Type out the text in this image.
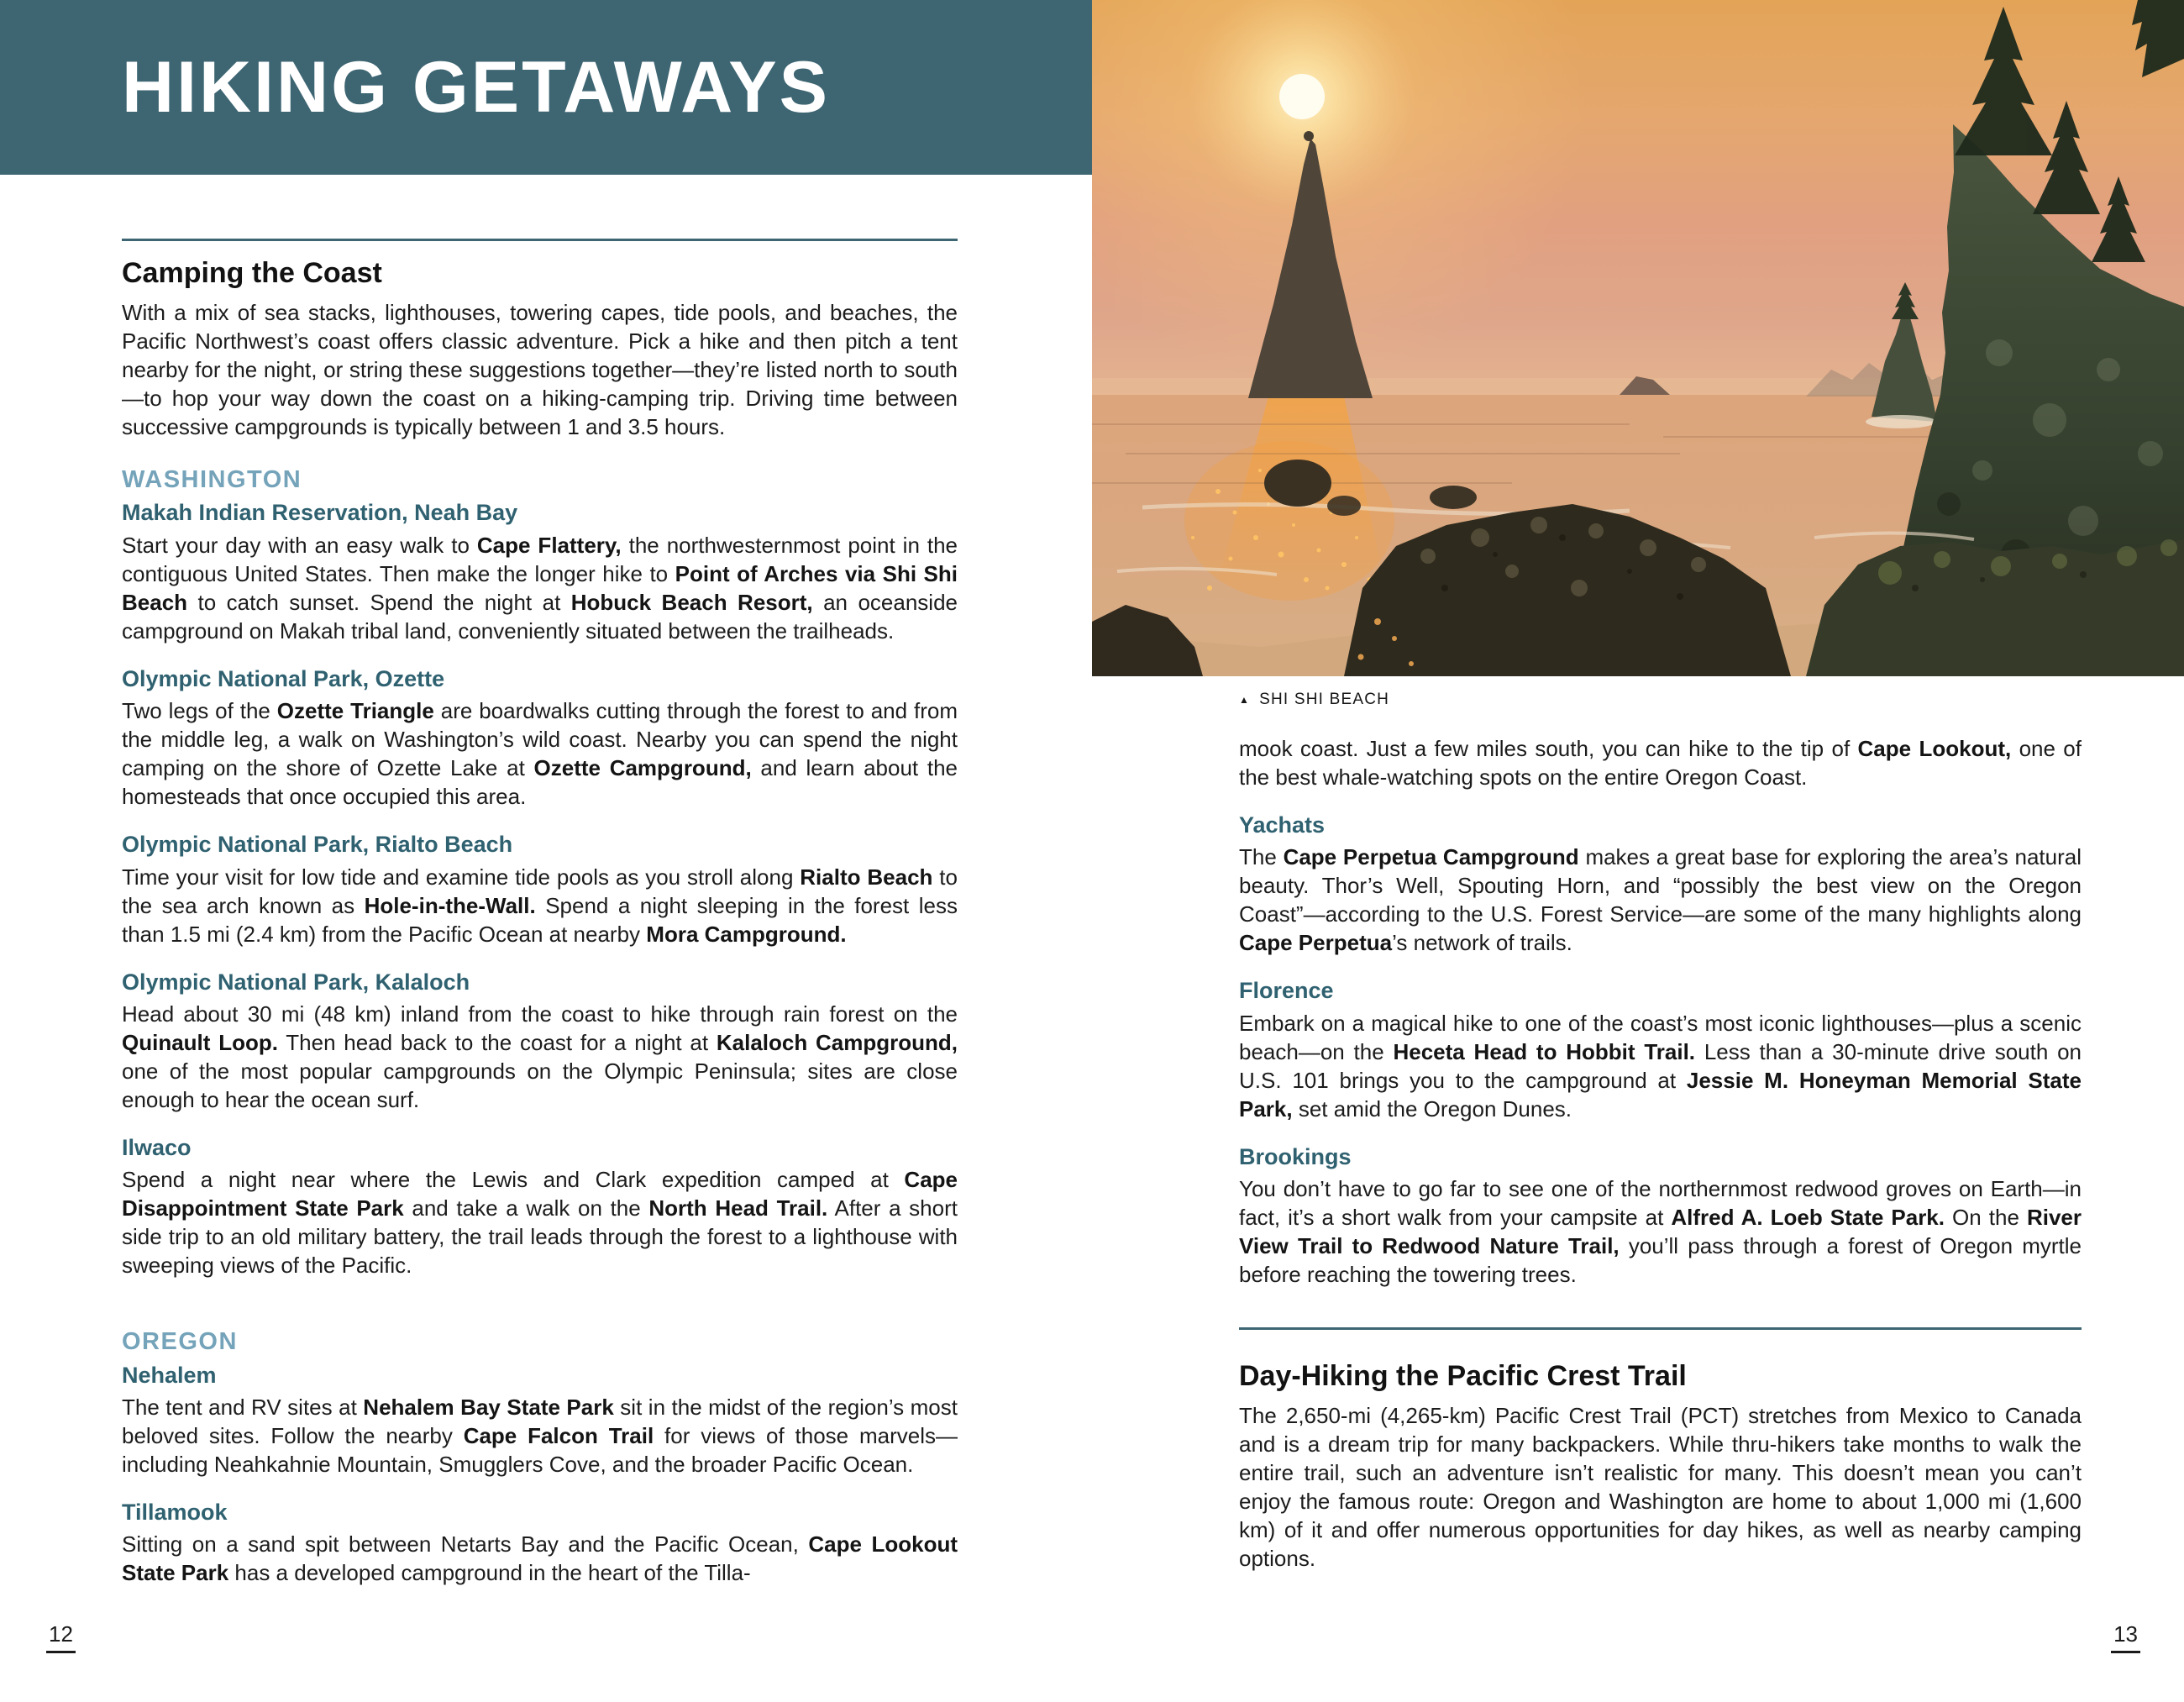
HIKING GETAWAYS
Camping the Coast

With a mix of sea stacks, lighthouses, towering capes, tide pools, and beaches, the Pacific Northwest’s coast offers classic adventure. Pick a hike and then pitch a tent nearby for the night, or string these suggestions together—they’re listed north to south—to hop your way down the coast on a hiking-camping trip. Driving time between successive campgrounds is typically between 1 and 3.5 hours.

WASHINGTON
Makah Indian Reservation, Neah Bay

Start your day with an easy walk to Cape Flattery, the northwesternmost point in the contiguous United States. Then make the longer hike to Point of Arches via Shi Shi Beach to catch sunset. Spend the night at Hobuck Beach Resort, an oceanside campground on Makah tribal land, conveniently situated between the trailheads.

Olympic National Park, Ozette

Two legs of the Ozette Triangle are boardwalks cutting through the forest to and from the middle leg, a walk on Washington’s wild coast. Nearby you can spend the night camping on the shore of Ozette Lake at Ozette Campground, and learn about the homesteads that once occupied this area.

Olympic National Park, Rialto Beach

Time your visit for low tide and examine tide pools as you stroll along Rialto Beach to the sea arch known as Hole-in-the-Wall. Spend a night sleeping in the forest less than 1.5 mi (2.4 km) from the Pacific Ocean at nearby Mora Campground.

Olympic National Park, Kalaloch

Head about 30 mi (48 km) inland from the coast to hike through rain forest on the Quinault Loop. Then head back to the coast for a night at Kalaloch Campground, one of the most popular campgrounds on the Olympic Peninsula; sites are close enough to hear the ocean surf.

Ilwaco

Spend a night near where the Lewis and Clark expedition camped at Cape Disappointment State Park and take a walk on the North Head Trail. After a short side trip to an old military battery, the trail leads through the forest to a lighthouse with sweeping views of the Pacific.

OREGON
Nehalem

The tent and RV sites at Nehalem Bay State Park sit in the midst of the region’s most beloved sites. Follow the nearby Cape Falcon Trail for views of those marvels—including Neahkahnie Mountain, Smugglers Cove, and the broader Pacific Ocean.

Tillamook

Sitting on a sand spit between Netarts Bay and the Pacific Ocean, Cape Lookout State Park has a developed campground in the heart of the Tilla-

12
▲ SHI SHI BEACH

mook coast. Just a few miles south, you can hike to the tip of Cape Lookout, one of the best whale-watching spots on the entire Oregon Coast.

Yachats

The Cape Perpetua Campground makes a great base for exploring the area’s natural beauty. Thor’s Well, Spouting Horn, and “possibly the best view on the Oregon Coast”—according to the U.S. Forest Service—are some of the many highlights along Cape Perpetua’s network of trails.

Florence

Embark on a magical hike to one of the coast’s most iconic lighthouses—plus a scenic beach—on the Heceta Head to Hobbit Trail. Less than a 30-minute drive south on U.S. 101 brings you to the campground at Jessie M. Honeyman Memorial State Park, set amid the Oregon Dunes.

Brookings

You don’t have to go far to see one of the northernmost redwood groves on Earth—in fact, it’s a short walk from your campsite at Alfred A. Loeb State Park. On the River View Trail to Redwood Nature Trail, you’ll pass through a forest of Oregon myrtle before reaching the towering trees.

Day-Hiking the Pacific Crest Trail

The 2,650-mi (4,265-km) Pacific Crest Trail (PCT) stretches from Mexico to Canada and is a dream trip for many backpackers. While thru-hikers take months to walk the entire trail, such an adventure isn’t realistic for many. This doesn’t mean you can’t enjoy the famous route: Oregon and Washington are home to about 1,000 mi (1,600 km) of it and offer numerous opportunities for day hikes, as well as nearby camping options.

13
